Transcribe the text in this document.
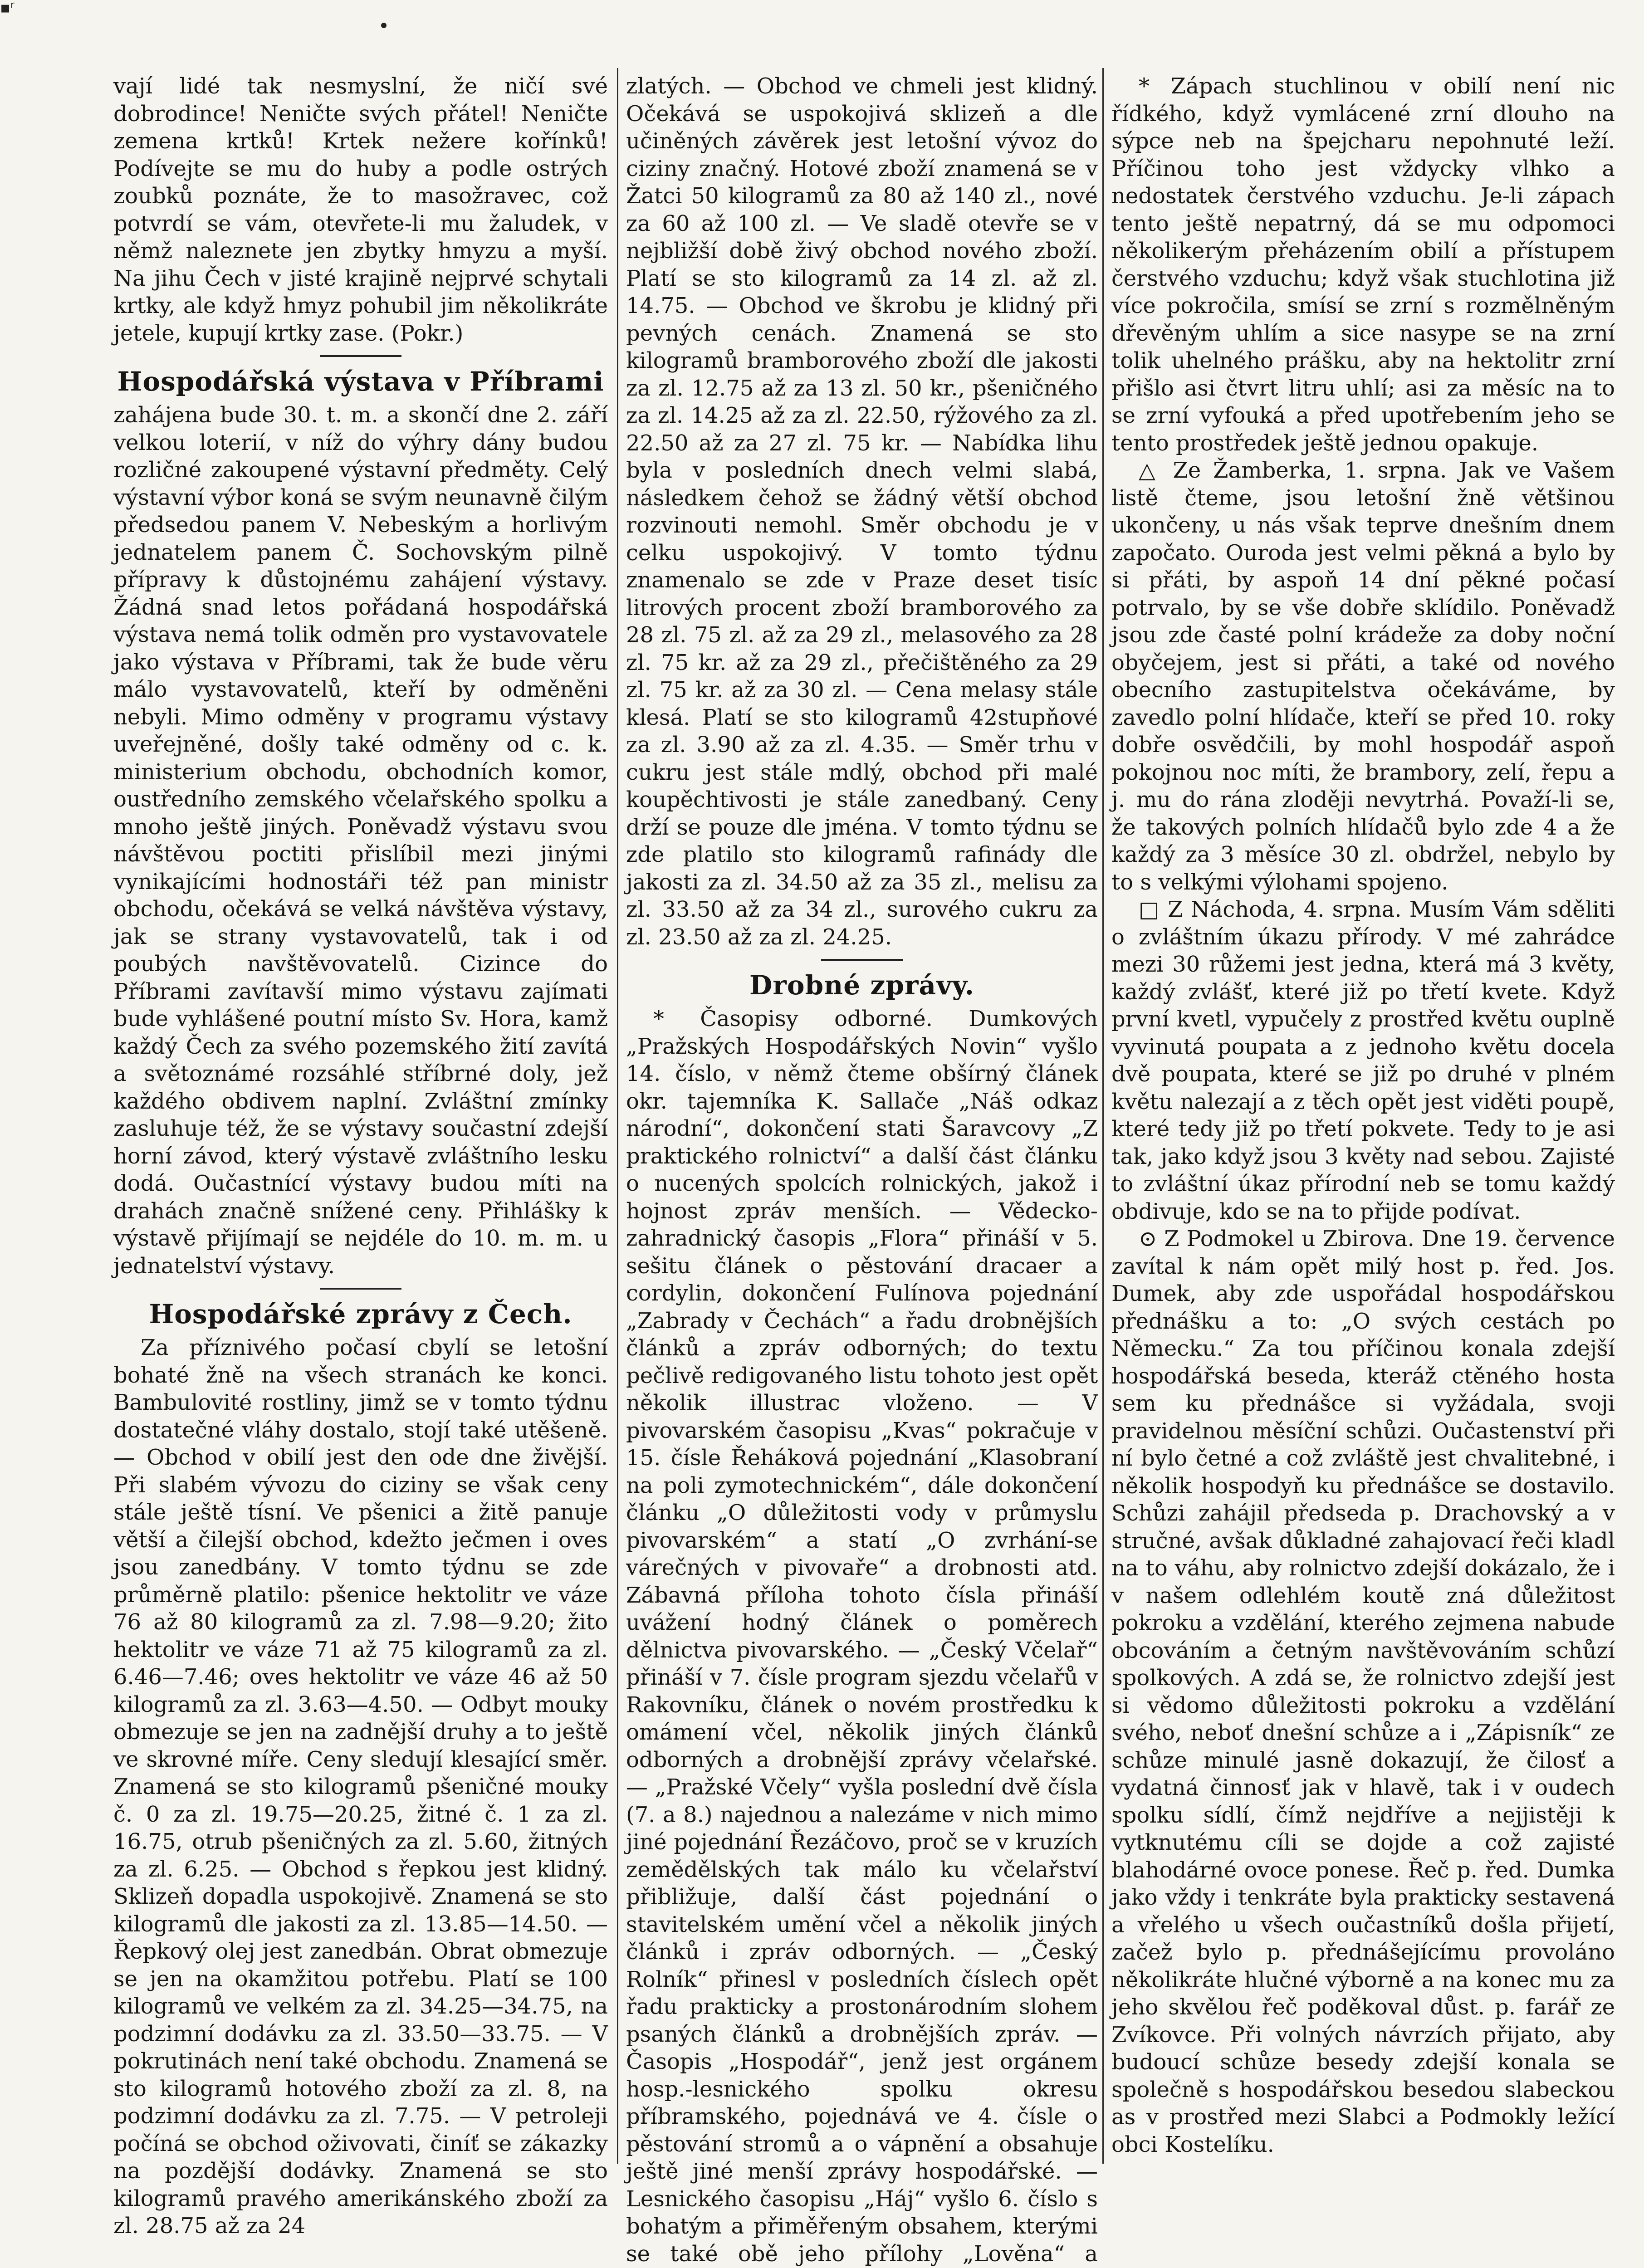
▪ʳ

vají lidé tak nesmyslní, že ničí své dobrodince! Neničte svých přátel! Neničte zemena krtků! Krtek nežere kořínků! Podívejte se mu do huby a podle ostrých zoubků poznáte, že to masožravec, což potvrdí se vám, otevřete-li mu žaludek, v němž naleznete jen zbytky hmyzu a myší. Na jihu Čech v jisté krajině nejprvé schytali krtky, ale když hmyz pohubil jim několikráte jetele, kupují krtky zase. (Pokr.)

Hospodářská výstava v Příbrami

zahájena bude 30. t. m. a skončí dne 2. září velkou loterií, v níž do výhry dány budou rozličné zakoupené výstavní předměty. Celý výstavní výbor koná se svým neunavně čilým předsedou panem V. Nebeským a horlivým jednatelem panem Č. Sochovským pilně přípravy k důstojnému zahájení výstavy. Žádná snad letos pořádaná hospodářská výstava nemá tolik odměn pro vystavovatele jako výstava v Příbrami, tak že bude věru málo vystavovatelů, kteří by odměněni nebyli. Mimo odměny v programu výstavy uveřejněné, došly také odměny od c. k. ministerium obchodu, obchodních komor, oustředního zemského včelařského spolku a mnoho ještě jiných. Poněvadž výstavu svou návštěvou poctiti přislíbil mezi jinými vynikajícími hodnostáři též pan ministr obchodu, očekává se velká návštěva výstavy, jak se strany vystavovatelů, tak i od poubých navštěvovatelů. Cizince do Příbrami zavítavší mimo výstavu zajímati bude vyhlášené poutní místo Sv. Hora, kamž každý Čech za svého pozemského žití zavítá a světoznámé rozsáhlé stříbrné doly, jež každého obdivem naplní. Zvláštní zmínky zasluhuje též, že se výstavy součastní zdejší horní závod, který výstavě zvláštního lesku dodá. Oučastnící výstavy budou míti na drahách značně snížené ceny. Přihlášky k výstavě přijímají se nejdéle do 10. m. m. u jednatelství výstavy.

Hospodářské zprávy z Čech.

Za příznivého počasí cbylí se letošní bohaté žně na všech stranách ke konci. Bambulovité rostliny, jimž se v tomto týdnu dostatečné vláhy dostalo, stojí také utěšeně. — Obchod v obilí jest den ode dne živější. Při slabém vývozu do ciziny se však ceny stále ještě tísní. Ve pšenici a žitě panuje větší a čilejší obchod, kdežto ječmen i oves jsou zanedbány. V tomto týdnu se zde průměrně platilo: pšenice hektolitr ve váze 76 až 80 kilogramů za zl. 7.98—9.20; žito hektolitr ve váze 71 až 75 kilogramů za zl. 6.46—7.46; oves hektolitr ve váze 46 až 50 kilogramů za zl. 3.63—4.50. — Odbyt mouky obmezuje se jen na zadnější druhy a to ještě ve skrovné míře. Ceny sledují klesající směr. Znamená se sto kilogramů pšeničné mouky č. 0 za zl. 19.75—20.25, žitné č. 1 za zl. 16.75, otrub pšeničných za zl. 5.60, žitných za zl. 6.25. — Obchod s řepkou jest klidný. Sklizeň dopadla uspokojivě. Znamená se sto kilogramů dle jakosti za zl. 13.85—14.50. — Řepkový olej jest zanedbán. Obrat obmezuje se jen na okamžitou potřebu. Platí se 100 kilogramů ve velkém za zl. 34.25—34.75, na podzimní dodávku za zl. 33.50—33.75. — V pokrutinách není také obchodu. Znamená se sto kilogramů hotového zboží za zl. 8, na podzimní dodávku za zl. 7.75. — V petroleji počíná se obchod oživovati, činíť se zákazky na pozdější dodávky. Znamená se sto kilogramů pravého amerikánského zboží za zl. 28.75 až za 24

zlatých. — Obchod ve chmeli jest klidný. Očekává se uspokojivá sklizeň a dle učiněných závěrek jest letošní vývoz do ciziny značný. Hotové zboží znamená se v Žatci 50 kilogramů za 80 až 140 zl., nové za 60 až 100 zl. — Ve sladě otevře se v nejbližší době živý obchod nového zboží. Platí se sto kilogramů za 14 zl. až zl. 14.75. — Obchod ve škrobu je klidný při pevných cenách. Znamená se sto kilogramů bramborového zboží dle jakosti za zl. 12.75 až za 13 zl. 50 kr., pšeničného za zl. 14.25 až za zl. 22.50, rýžového za zl. 22.50 až za 27 zl. 75 kr. — Nabídka lihu byla v posledních dnech velmi slabá, následkem čehož se žádný větší obchod rozvinouti nemohl. Směr obchodu je v celku uspokojivý. V tomto týdnu znamenalo se zde v Praze deset tisíc litrových procent zboží bramborového za 28 zl. 75 zl. až za 29 zl., melasového za 28 zl. 75 kr. až za 29 zl., přečištěného za 29 zl. 75 kr. až za 30 zl. — Cena melasy stále klesá. Platí se sto kilogramů 42stupňové za zl. 3.90 až za zl. 4.35. — Směr trhu v cukru jest stále mdlý, obchod při malé koupěchtivosti je stále zanedbaný. Ceny drží se pouze dle jména. V tomto týdnu se zde platilo sto kilogramů rafinády dle jakosti za zl. 34.50 až za 35 zl., melisu za zl. 33.50 až za 34 zl., surového cukru za zl. 23.50 až za zl. 24.25.

Drobné zprávy.

* Časopisy odborné. Dumkových „Pražských Hospodářských Novin“ vyšlo 14. číslo, v němž čteme obšírný článek okr. tajemníka K. Sallače „Náš odkaz národní“, dokončení stati Šaravcovy „Z praktického rolnictví“ a další část článku o nucených spolcích rolnických, jakož i hojnost zpráv menších. — Vědecko-zahradnický časopis „Flora“ přináší v 5. sešitu článek o pěstování dracaer a cordylin, dokončení Fulínova pojednání „Zabrady v Čechách“ a řadu drobnějších článků a zpráv odborných; do textu pečlivě redigovaného listu tohoto jest opět několik illustrac vloženo. — V pivovarském časopisu „Kvas“ pokračuje v 15. čísle Řeháková pojednání „Klasobraní na poli zymotechnickém“, dále dokončení článku „O důležitosti vody v průmyslu pivovarském“ a statí „O zvrhání-se várečných v pivovaře“ a drobnosti atd. Zábavná příloha tohoto čísla přináší uvážení hodný článek o poměrech dělnictva pivovarského. — „Český Včelař“ přináší v 7. čísle program sjezdu včelařů v Rakovníku, článek o novém prostředku k omámení včel, několik jiných článků odborných a drobnější zprávy včelařské. — „Pražské Včely“ vyšla poslední dvě čísla (7. a 8.) najednou a nalezáme v nich mimo jiné pojednání Řezáčovo, proč se v kruzích zemědělských tak málo ku včelařství přibližuje, další část pojednání o stavitelském umění včel a několik jiných článků i zpráv odborných. — „Český Rolník“ přinesl v posledních číslech opět řadu prakticky a prostonárodním slohem psaných článků a drobnějších zpráv. — Časopis „Hospodář“, jenž jest orgánem hosp.-lesnického spolku okresu příbramského, pojednává ve 4. čísle o pěstování stromů a o vápnění a obsahuje ještě jiné menší zprávy hospodářské. — Lesnického časopisu „Háj“ vyšlo 6. číslo s bohatým a přiměřeným obsahem, kterými se také obě jeho přílohy „Lověna“ a

* Zápach stuchlinou v obilí není nic řídkého, když vymlácené zrní dlouho na sýpce neb na špejcharu nepohnuté leží. Příčinou toho jest vždycky vlhko a nedostatek čerstvého vzduchu. Je-li zápach tento ještě nepatrný, dá se mu odpomoci několikerým přeházením obilí a přístupem čerstvého vzduchu; když však stuchlotina již více pokročila, smísí se zrní s rozmělněným dřevěným uhlím a sice nasype se na zrní tolik uhelného prášku, aby na hektolitr zrní přišlo asi čtvrt litru uhlí; asi za měsíc na to se zrní vyfouká a před upotřebením jeho se tento prostředek ještě jednou opakuje.

△ Ze Žamberka, 1. srpna. Jak ve Vašem listě čteme, jsou letošní žně většinou ukončeny, u nás však teprve dnešním dnem započato. Ouroda jest velmi pěkná a bylo by si přáti, by aspoň 14 dní pěkné počasí potrvalo, by se vše dobře sklídilo. Poněvadž jsou zde časté polní krádeže za doby noční obyčejem, jest si přáti, a také od nového obecního zastupitelstva očekáváme, by zavedlo polní hlídače, kteří se před 10. roky dobře osvědčili, by mohl hospodář aspoň pokojnou noc míti, že brambory, zelí, řepu a j. mu do rána zloději nevytrhá. Považí-li se, že takových polních hlídačů bylo zde 4 a že každý za 3 měsíce 30 zl. obdržel, nebylo by to s velkými výlohami spojeno.

□ Z Náchoda, 4. srpna. Musím Vám sděliti o zvláštním úkazu přírody. V mé zahrádce mezi 30 růžemi jest jedna, která má 3 květy, každý zvlášť, které již po třetí kvete. Když první kvetl, vypučely z prostřed květu ouplně vyvinutá poupata a z jednoho květu docela dvě poupata, které se již po druhé v plném květu nalezají a z těch opět jest viděti poupě, které tedy již po třetí pokvete. Tedy to je asi tak, jako když jsou 3 květy nad sebou. Zajisté to zvláštní úkaz přírodní neb se tomu každý obdivuje, kdo se na to přijde podívat.

⊙ Z Podmokel u Zbirova. Dne 19. července zavítal k nám opět milý host p. řed. Jos. Dumek, aby zde uspořádal hospodářskou přednášku a to: „O svých cestách po Německu.“ Za tou příčinou konala zdejší hospodářská beseda, kteráž ctěného hosta sem ku přednášce si vyžádala, svoji pravidelnou měsíční schůzi. Oučastenství při ní bylo četné a což zvláště jest chvalitebné, i několik hospodyň ku přednášce se dostavilo. Schůzi zahájil předseda p. Drachovský a v stručné, avšak důkladné zahajovací řeči kladl na to váhu, aby rolnictvo zdejší dokázalo, že i v našem odlehlém koutě zná důležitost pokroku a vzdělání, kterého zejmena nabude obcováním a četným navštěvováním schůzí spolkových. A zdá se, že rolnictvo zdejší jest si vědomo důležitosti pokroku a vzdělání svého, neboť dnešní schůze a i „Zápisník“ ze schůze minulé jasně dokazují, že čilosť a vydatná činnosť jak v hlavě, tak i v oudech spolku sídlí, čímž nejdříve a nejjistěji k vytknutému cíli se dojde a což zajisté blahodárné ovoce ponese. Řeč p. řed. Dumka jako vždy i tenkráte byla prakticky sestavená a vřelého u všech oučastníků došla přijetí, začež bylo p. přednášejícímu provoláno několikráte hlučné výborně a na konec mu za jeho skvělou řeč poděkoval důst. p. farář ze Zvíkovce. Při volných návrzích přijato, aby budoucí schůze besedy zdejší konala se společně s hospodářskou besedou slabeckou as v prostřed mezi Slabci a Podmokly ležící obci Kostelíku.
